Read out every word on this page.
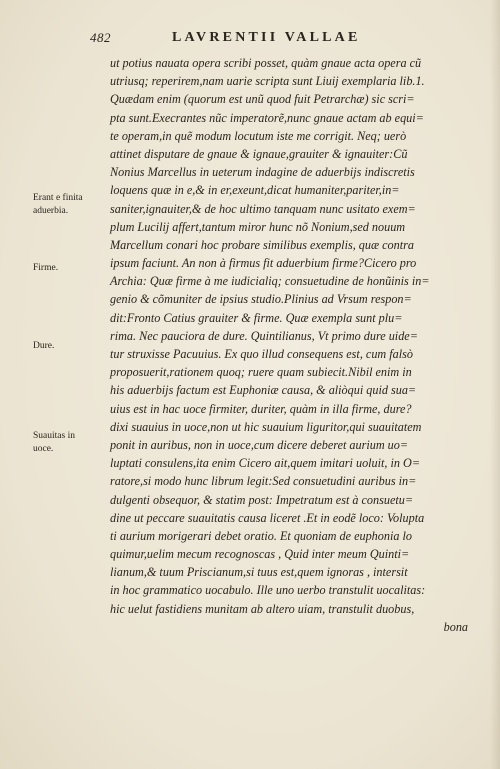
482	LAVRENTII VALLAE
Erant e finita
aduerbia.
Firme.
Dure.
Suauitas in
uoce.
ut potius nauata opera scribi posset, quàm gnaue acta opera cũ
utriusq; reperirem,nam uarie scripta sunt Liuij exemplaria lib.1.
Quædam enim (quorum est unũ quod fuit Petrarchæ) sic scri=
pta sunt.Execrantes nũc imperatorẽ,nunc gnaue actam ab equi=
te operam,in quẽ modum locutum iste me corrigit. Neq; uerò
attinet disputare de gnaue & ignaue,grauiter & ignauiter:Cũ
Nonius Marcellus in ueterum indagine de aduerbijs indiscretis
loquens quæ in e,& in er,exeunt,dicat humaniter,pariter,in=
saniter,ignauiter,& de hoc ultimo tanquam nunc usitato exem=
plum Lucilij affert,tantum miror hunc nõ Nonium,sed nouum
Marcellum conari hoc probare similibus exemplis, quæ contra
ipsum faciunt. An non à firmus fit aduerbium firme?Cicero pro
Archia: Quæ firme à me iudicialiq; consuetudine de honũinis in=
genio & cõmuniter de ipsius studio.Plinius ad Vrsum respon=
dit:Fronto Catius grauiter & firme. Quæ exempla sunt plu=
rima. Nec pauciora de dure. Quintilianus, Vt primo dure uide=
tur struxisse Pacuuius. Ex quo illud consequens est, cum falsò
proposuerit,rationem quoq; ruere quam subiecit.Nibil enim in
his aduerbijs factum est Euphoniæ causa, & aliòqui quid sua=
uius est in hac uoce firmiter, duriter, quàm in illa firme, dure?
dixi suauius in uoce,non ut hic suauium liguritor,qui suauitatem
ponit in auribus, non in uoce,cum dicere deberet aurium uo=
luptati consulens,ita enim Cicero ait,quem imitari uoluit, in O=
ratore,si modo hunc librum legit:Sed consuetudini auribus in=
dulgenti obsequor, & statim post: Impetratum est à consuetu=
dine ut peccare suauitatis causa liceret .Et in eodẽ loco: Volupta
ti aurium morigerari debet oratio. Et quoniam de euphonia lo
quimur,uelim mecum recognoscas , Quid inter meum Quinti=
lianum,& tuum Priscianum,si tuus est,quem ignoras , intersit
in hoc grammatico uocabulo. Ille uno uerbo transtulit uocalitas:
hic uelut fastidiens munitam ab altero uiam, transtulit duobus,
bona
